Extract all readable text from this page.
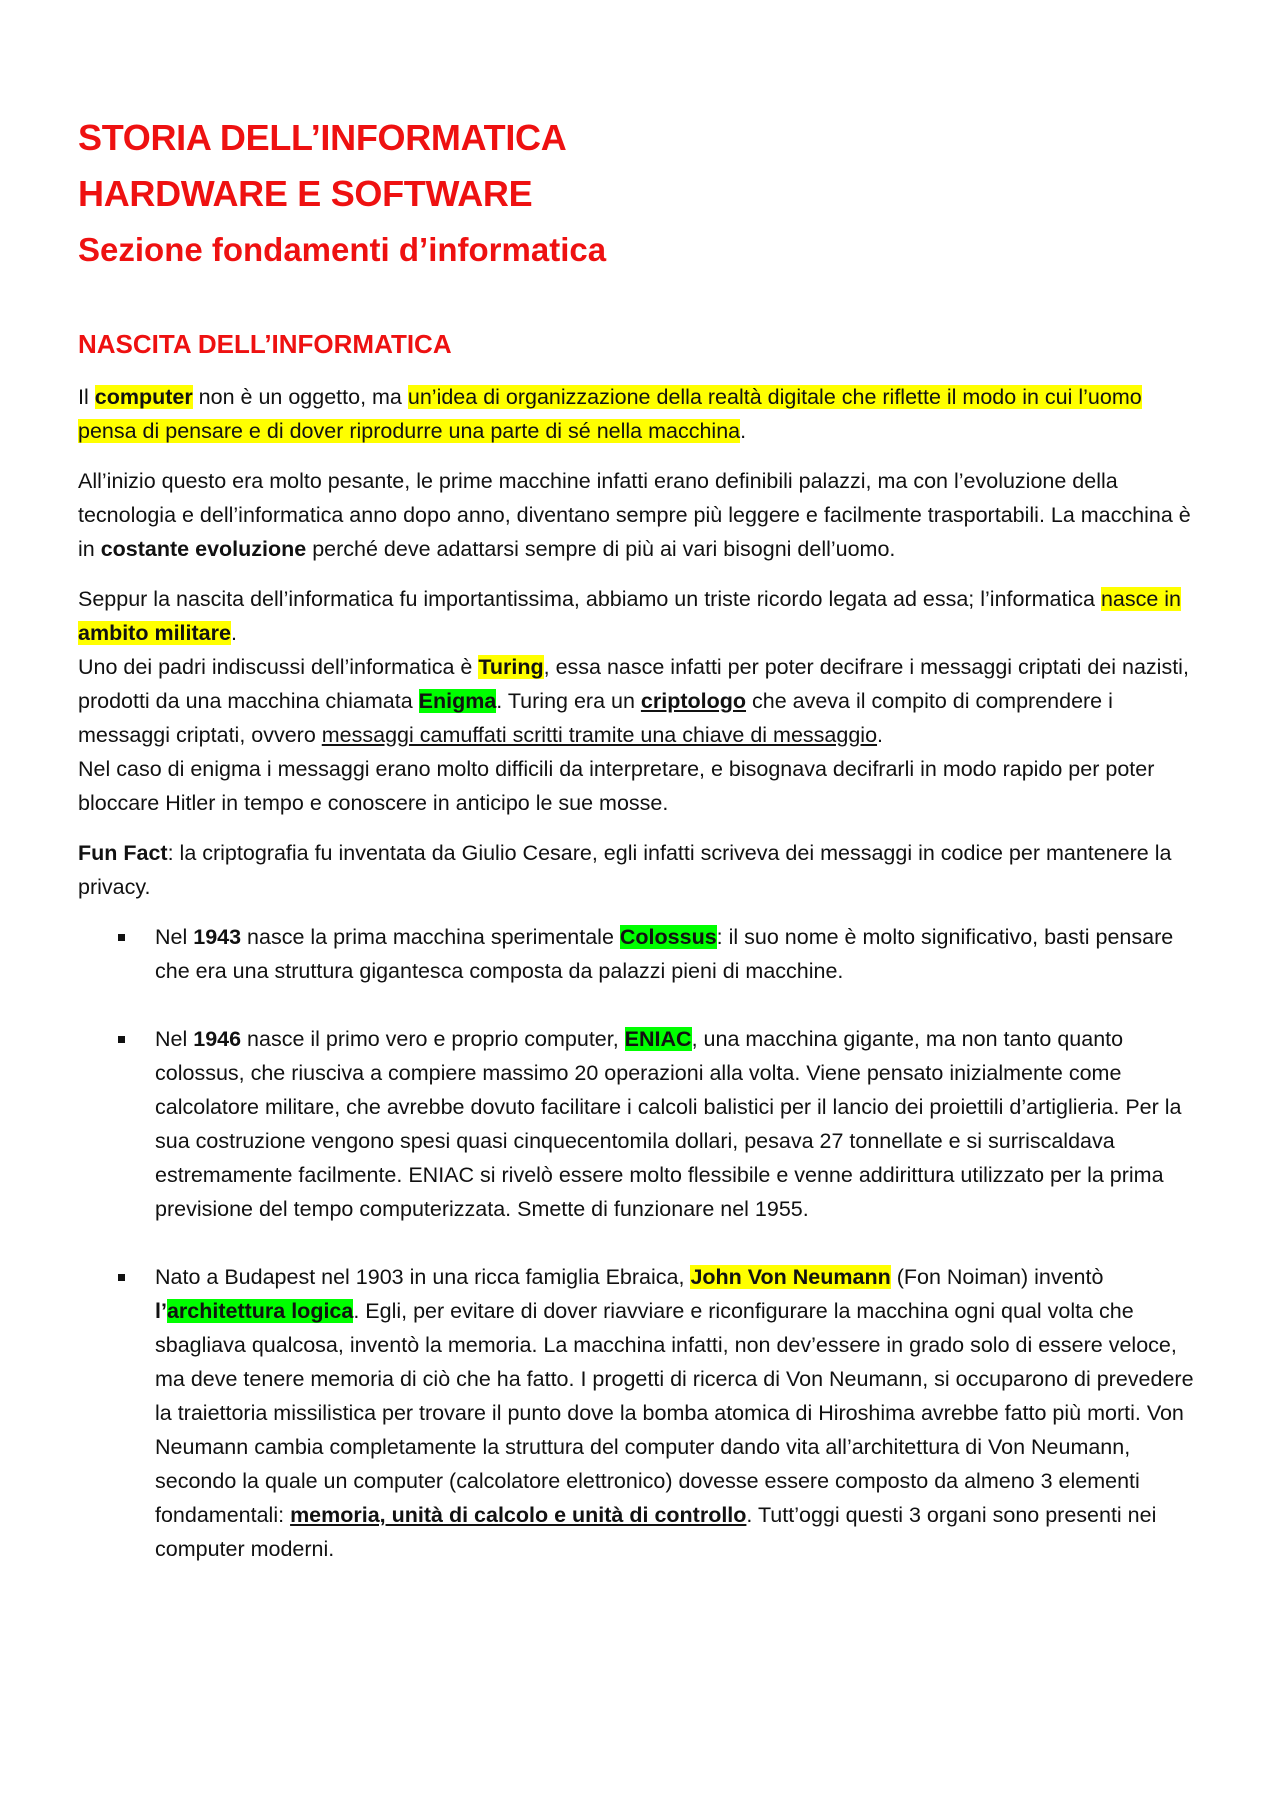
STORIA DELL’INFORMATICA
HARDWARE E SOFTWARE
Sezione fondamenti d’informatica
NASCITA DELL’INFORMATICA

Il computer non è un oggetto, ma un’idea di organizzazione della realtà digitale che riflette il modo in cui l’uomo pensa di pensare e di dover riprodurre una parte di sé nella macchina.

All’inizio questo era molto pesante, le prime macchine infatti erano definibili palazzi, ma con l’evoluzione della tecnologia e dell’informatica anno dopo anno, diventano sempre più leggere e facilmente trasportabili. La macchina è in costante evoluzione perché deve adattarsi sempre di più ai vari bisogni dell’uomo.

Seppur la nascita dell’informatica fu importantissima, abbiamo un triste ricordo legata ad essa; l’informatica nasce in ambito militare.
Uno dei padri indiscussi dell’informatica è Turing, essa nasce infatti per poter decifrare i messaggi criptati dei nazisti, prodotti da una macchina chiamata Enigma. Turing era un criptologo che aveva il compito di comprendere i messaggi criptati, ovvero messaggi camuffati scritti tramite una chiave di messaggio.
Nel caso di enigma i messaggi erano molto difficili da interpretare, e bisognava decifrarli in modo rapido per poter bloccare Hitler in tempo e conoscere in anticipo le sue mosse.

Fun Fact: la criptografia fu inventata da Giulio Cesare, egli infatti scriveva dei messaggi in codice per mantenere la privacy.

Nel 1943 nasce la prima macchina sperimentale Colossus: il suo nome è molto significativo, basti pensare che era una struttura gigantesca composta da palazzi pieni di macchine.
Nel 1946 nasce il primo vero e proprio computer, ENIAC, una macchina gigante, ma non tanto quanto colossus, che riusciva a compiere massimo 20 operazioni alla volta. Viene pensato inizialmente come calcolatore militare, che avrebbe dovuto facilitare i calcoli balistici per il lancio dei proiettili d’artiglieria. Per la sua costruzione vengono spesi quasi cinquecentomila dollari, pesava 27 tonnellate e si surriscaldava estremamente facilmente. ENIAC si rivelò essere molto flessibile e venne addirittura utilizzato per la prima previsione del tempo computerizzata. Smette di funzionare nel 1955.
Nato a Budapest nel 1903 in una ricca famiglia Ebraica, John Von Neumann (Fon Noiman) inventò l’architettura logica. Egli, per evitare di dover riavviare e riconfigurare la macchina ogni qual volta che sbagliava qualcosa, inventò la memoria. La macchina infatti, non dev’essere in grado solo di essere veloce, ma deve tenere memoria di ciò che ha fatto. I progetti di ricerca di Von Neumann, si occuparono di prevedere la traiettoria missilistica per trovare il punto dove la bomba atomica di Hiroshima avrebbe fatto più morti. Von Neumann cambia completamente la struttura del computer dando vita all’architettura di Von Neumann, secondo la quale un computer (calcolatore elettronico) dovesse essere composto da almeno 3 elementi fondamentali: memoria, unità di calcolo e unità di controllo. Tutt’oggi questi 3 organi sono presenti nei computer moderni.
